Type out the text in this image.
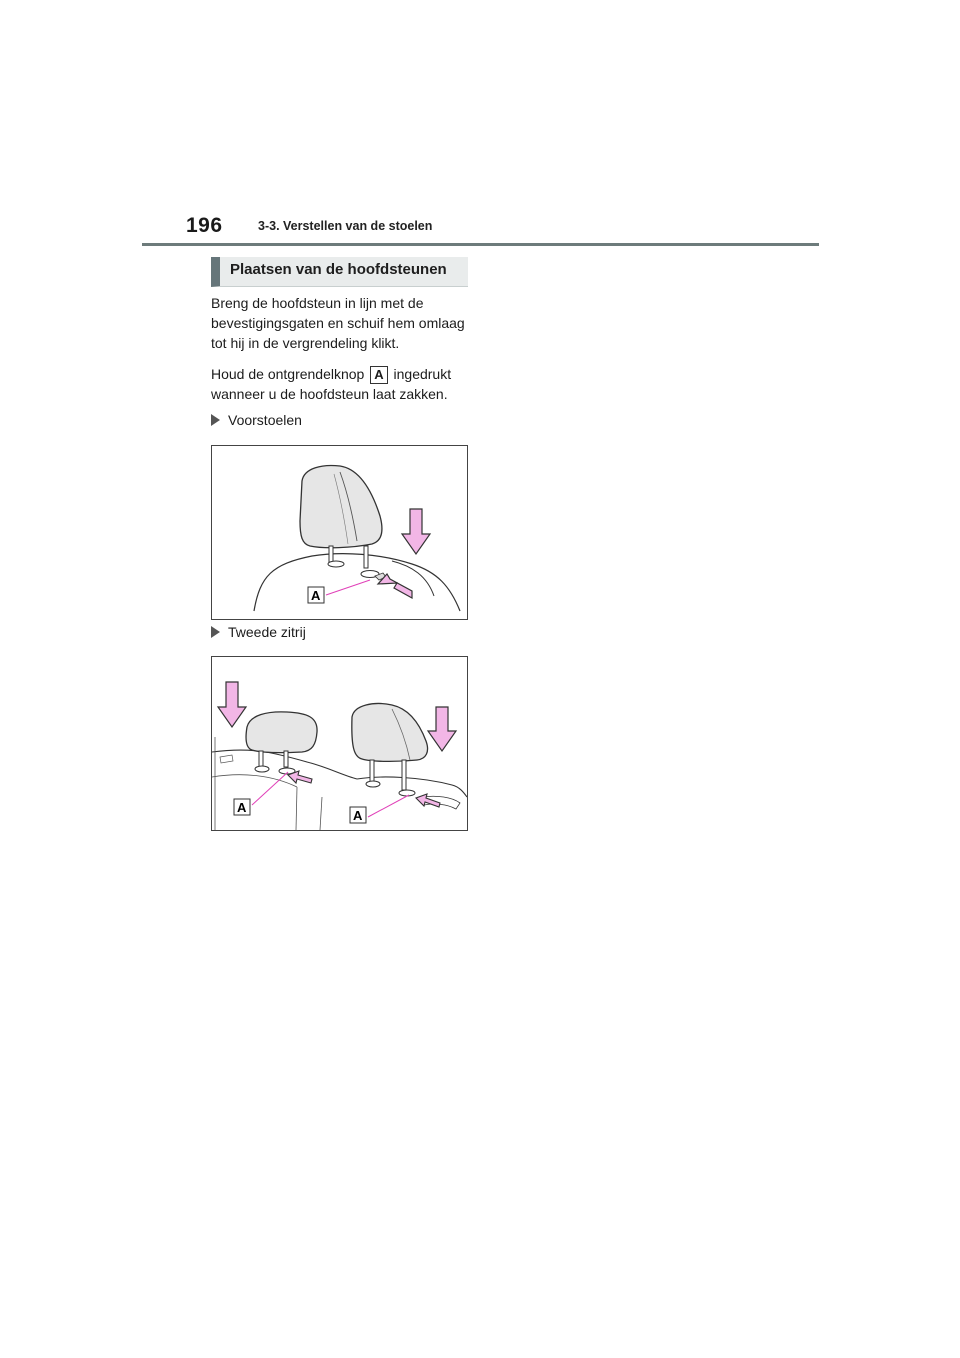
196	3-3. Verstellen van de stoelen
Plaatsen van de hoofdsteunen
Breng de hoofdsteun in lijn met de bevestigingsgaten en schuif hem omlaag tot hij in de vergrendeling klikt.
Houd de ontgrendelknop A ingedrukt wanneer u de hoofdsteun laat zakken.
Voorstoelen
A
Tweede zitrij
A
A
